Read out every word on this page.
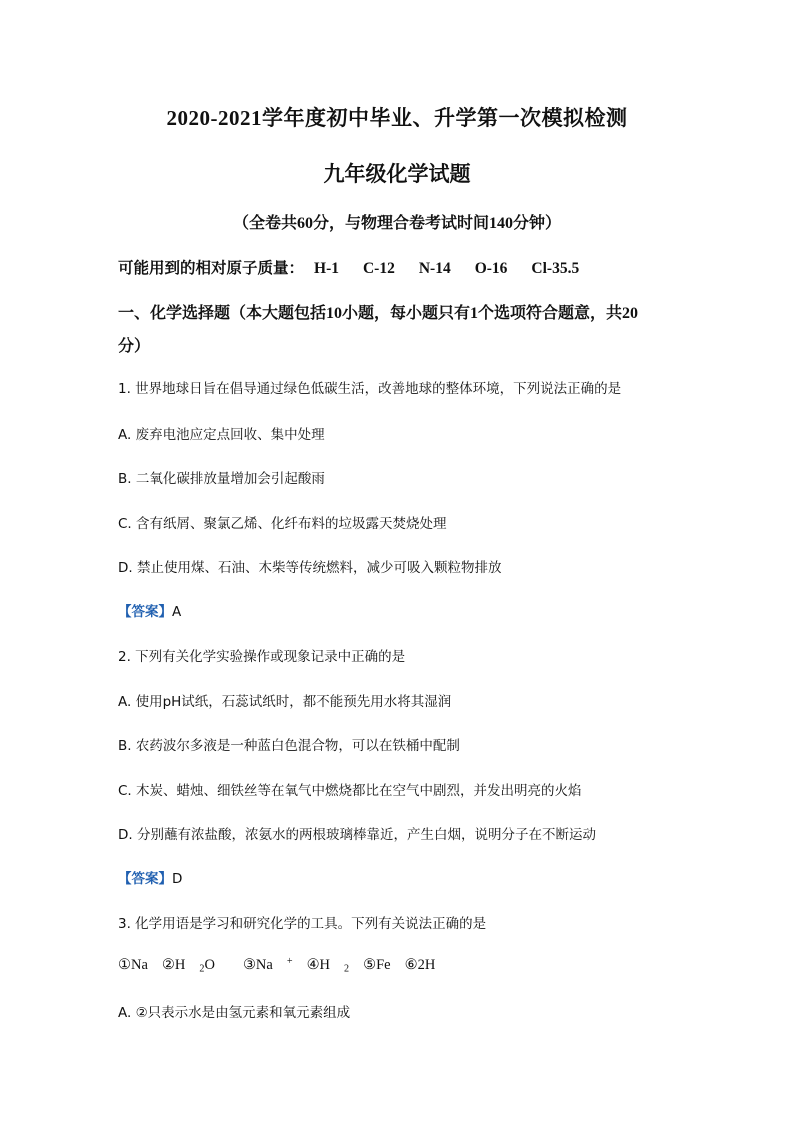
2020-2021学年度初中毕业、升学第一次模拟检测
九年级化学试题
（全卷共60分，与物理合卷考试时间140分钟）
可能用到的相对原子质量： H-1 C-12 N-14 O-16 Cl-35.5
一、化学选择题（本大题包括10小题，每小题只有1个选项符合题意，共20
分）
1. 世界地球日旨在倡导通过绿色低碳生活，改善地球的整体环境，下列说法正确的是
A. 废弃电池应定点回收、集中处理
B. 二氧化碳排放量增加会引起酸雨
C. 含有纸屑、聚氯乙烯、化纤布料的垃圾露天焚烧处理
D. 禁止使用煤、石油、木柴等传统燃料，减少可吸入颗粒物排放
【答案】A
2. 下列有关化学实验操作或现象记录中正确的是
A. 使用pH试纸，石蕊试纸时，都不能预先用水将其湿润
B. 农药波尔多液是一种蓝白色混合物，可以在铁桶中配制
C. 木炭、蜡烛、细铁丝等在氧气中燃烧都比在空气中剧烈，并发出明亮的火焰
D. 分别蘸有浓盐酸，浓氨水的两根玻璃棒靠近，产生白烟，说明分子在不断运动
【答案】D
3. 化学用语是学习和研究化学的工具。下列有关说法正确的是
①Na ②H $_2$O ③Na + ④H $_2$ ⑤Fe ⑥2H
A. ②只表示水是由氢元素和氧元素组成
